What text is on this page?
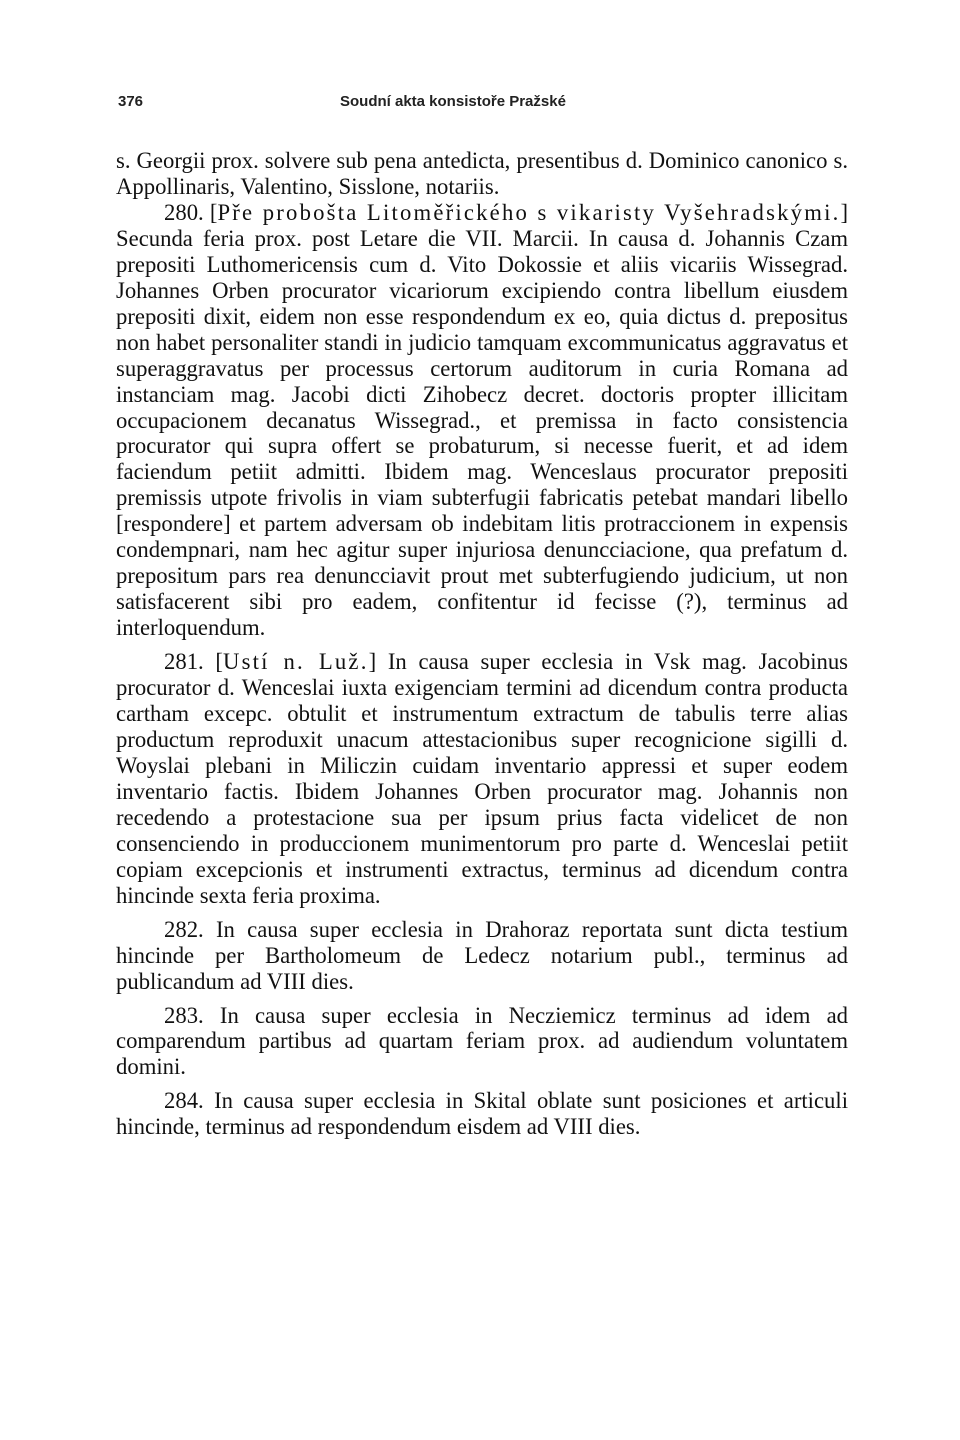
376	Soudní akta konsistoře Pražské

s. Georgii prox. solvere sub pena antedicta, presentibus d. Dominico canonico s. Appollinaris, Valentino, Sisslone, notariis.

280. [Pře probošta Litoměřického s vikaristy Vyšehradskými.] Secunda feria prox. post Letare die VII. Marcii. In causa d. Johannis Czam prepositi Luthomericensis cum d. Vito Dokossie et aliis vicariis Wissegrad. Johannes Orben procurator vicariorum excipiendo contra libellum eiusdem prepositi dixit, eidem non esse respondendum ex eo, quia dictus d. prepositus non habet personaliter standi in judicio tamquam excommunicatus aggravatus et superaggravatus per processus certorum auditorum in curia Romana ad instanciam mag. Jacobi dicti Zihobecz decret. doctoris propter illicitam occupacionem decanatus Wissegrad., et premissa in facto consistencia procurator qui supra offert se probaturum, si necesse fuerit, et ad idem faciendum petiit admitti. Ibidem mag. Wenceslaus procurator prepositi premissis utpote frivolis in viam subterfugii fabricatis petebat mandari libello [respondere] et partem adversam ob indebitam litis protraccionem in expensis condempnari, nam hec agitur super injuriosa denuncciacione, qua prefatum d. prepositum pars rea denuncciavit prout met subterfugiendo judicium, ut non satisfacerent sibi pro eadem, confitentur id fecisse (?), terminus ad interloquendum.

281. [Ustí n. Luž.] In causa super ecclesia in Vsk mag. Jacobinus procurator d. Wenceslai iuxta exigenciam termini ad dicendum contra producta cartham excepc. obtulit et instrumentum extractum de tabulis terre alias productum reproduxit unacum attestacionibus super recognicione sigilli d. Woyslai plebani in Miliczin cuidam inventario appressi et super eodem inventario factis. Ibidem Johannes Orben procurator mag. Johannis non recedendo a protestacione sua per ipsum prius facta videlicet de non consenciendo in produccionem munimentorum pro parte d. Wenceslai petiit copiam excepcionis et instrumenti extractus, terminus ad dicendum contra hincinde sexta feria proxima.

282. In causa super ecclesia in Drahoraz reportata sunt dicta testium hincinde per Bartholomeum de Ledecz notarium publ., terminus ad publicandum ad VIII dies.

283. In causa super ecclesia in Necziemicz terminus ad idem ad comparendum partibus ad quartam feriam prox. ad audiendum voluntatem domini.

284. In causa super ecclesia in Skital oblate sunt posiciones et articuli hincinde, terminus ad respondendum eisdem ad VIII dies.
